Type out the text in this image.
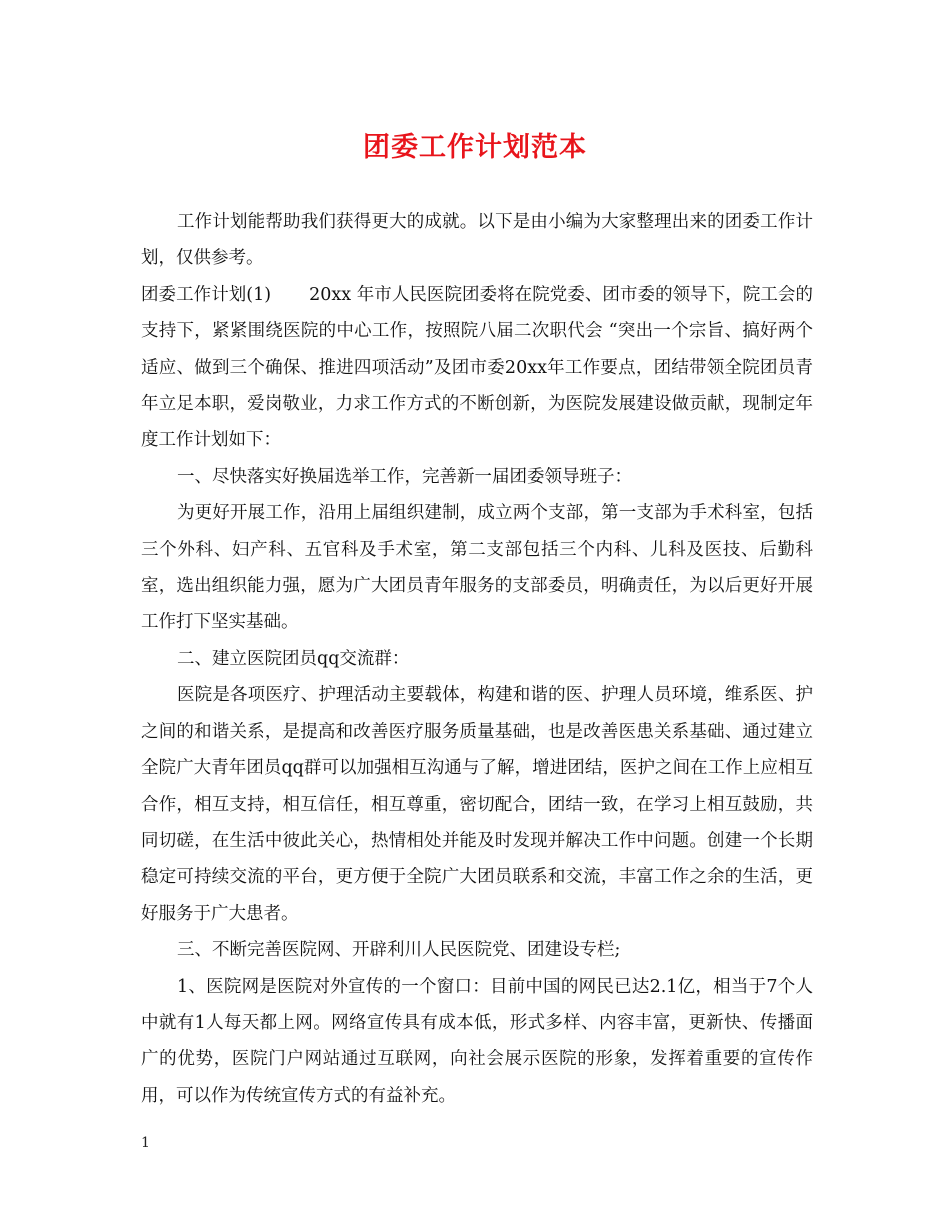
团委工作计划范本

工作计划能帮助我们获得更大的成就。以下是由小编为大家整理出来的团委工作计划，仅供参考。

团委工作计划(1) 20xx 年市人民医院团委将在院党委、团市委的领导下，院工会的支持下，紧紧围绕医院的中心工作，按照院八届二次职代会 “突出一个宗旨、搞好两个适应、做到三个确保、推进四项活动”及团市委20xx年工作要点，团结带领全院团员青年立足本职，爱岗敬业，力求工作方式的不断创新，为医院发展建设做贡献，现制定年度工作计划如下：

一、尽快落实好换届选举工作，完善新一届团委领导班子：

为更好开展工作，沿用上届组织建制，成立两个支部，第一支部为手术科室，包括三个外科、妇产科、五官科及手术室，第二支部包括三个内科、儿科及医技、后勤科室，选出组织能力强，愿为广大团员青年服务的支部委员，明确责任，为以后更好开展工作打下坚实基础。

二、建立医院团员qq交流群：

医院是各项医疗、护理活动主要载体，构建和谐的医、护理人员环境，维系医、护之间的和谐关系，是提高和改善医疗服务质量基础，也是改善医患关系基础、通过建立全院广大青年团员qq群可以加强相互沟通与了解，增进团结，医护之间在工作上应相互合作，相互支持，相互信任，相互尊重，密切配合，团结一致，在学习上相互鼓励，共同切磋，在生活中彼此关心，热情相处并能及时发现并解决工作中问题。创建一个长期稳定可持续交流的平台，更方便于全院广大团员联系和交流，丰富工作之余的生活，更好服务于广大患者。

三、不断完善医院网、开辟利川人民医院党、团建设专栏;

1、医院网是医院对外宣传的一个窗口：目前中国的网民已达2.1亿，相当于7个人中就有1人每天都上网。网络宣传具有成本低，形式多样、内容丰富，更新快、传播面广的优势，医院门户网站通过互联网，向社会展示医院的形象，发挥着重要的宣传作用，可以作为传统宣传方式的有益补充。

1
